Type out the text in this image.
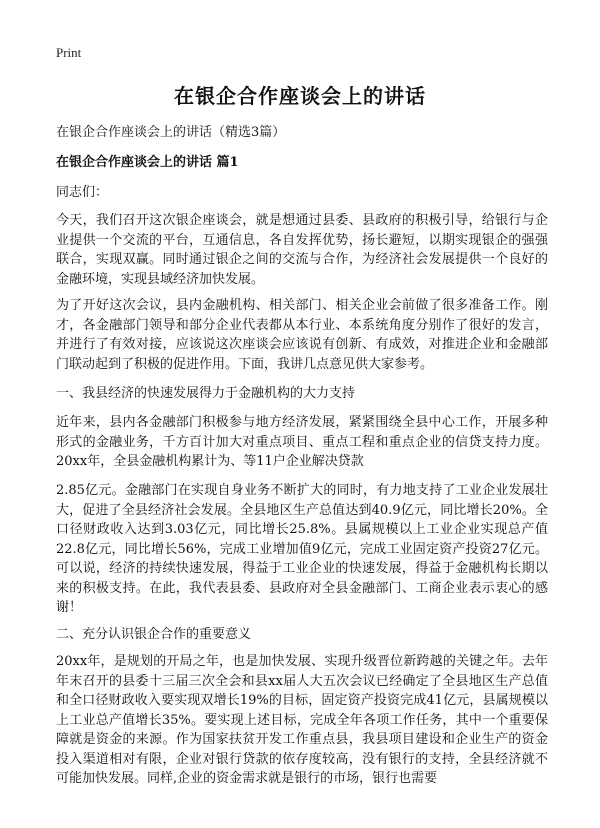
Print
在银企合作座谈会上的讲话
在银企合作座谈会上的讲话（精选3篇）
在银企合作座谈会上的讲话 篇1
同志们：

今天，我们召开这次银企座谈会，就是想通过县委、县政府的积极引导，给银行与企业提供一个交流的平台，互通信息，各自发挥优势，扬长避短，以期实现银企的强强联合，实现双赢。同时通过银企之间的交流与合作，为经济社会发展提供一个良好的金融环境，实现县域经济加快发展。

为了开好这次会议，县内金融机构、相关部门、相关企业会前做了很多准备工作。刚才，各金融部门领导和部分企业代表都从本行业、本系统角度分别作了很好的发言，并进行了有效对接，应该说这次座谈会应该说有创新、有成效，对推进企业和金融部门联动起到了积极的促进作用。下面，我讲几点意见供大家参考。

一、我县经济的快速发展得力于金融机构的大力支持

近年来，县内各金融部门积极参与地方经济发展，紧紧围绕全县中心工作，开展多种形式的金融业务，千方百计加大对重点项目、重点工程和重点企业的信贷支持力度。20xx年，全县金融机构累计为、等11户企业解决贷款

2.85亿元。金融部门在实现自身业务不断扩大的同时，有力地支持了工业企业发展壮大，促进了全县经济社会发展。全县地区生产总值达到40.9亿元，同比增长20%。全口径财政收入达到3.03亿元，同比增长25.8%。县属规模以上工业企业实现总产值22.8亿元，同比增长56%，完成工业增加值9亿元，完成工业固定资产投资27亿元。可以说，经济的持续快速发展，得益于工业企业的快速发展，得益于金融机构长期以来的积极支持。在此，我代表县委、县政府对全县金融部门、工商企业表示衷心的感谢！

二、充分认识银企合作的重要意义

20xx年，是规划的开局之年，也是加快发展、实现升级晋位新跨越的关键之年。去年年末召开的县委十三届三次全会和县xx届人大五次会议已经确定了全县地区生产总值和全口径财政收入要实现双增长19%的目标，固定资产投资完成41亿元，县属规模以上工业总产值增长35%。要实现上述目标，完成全年各项工作任务，其中一个重要保障就是资金的来源。作为国家扶贫开发工作重点县，我县项目建设和企业生产的资金投入渠道相对有限，企业对银行贷款的依存度较高，没有银行的支持，全县经济就不可能加快发展。同样,企业的资金需求就是银行的市场，银行也需要
